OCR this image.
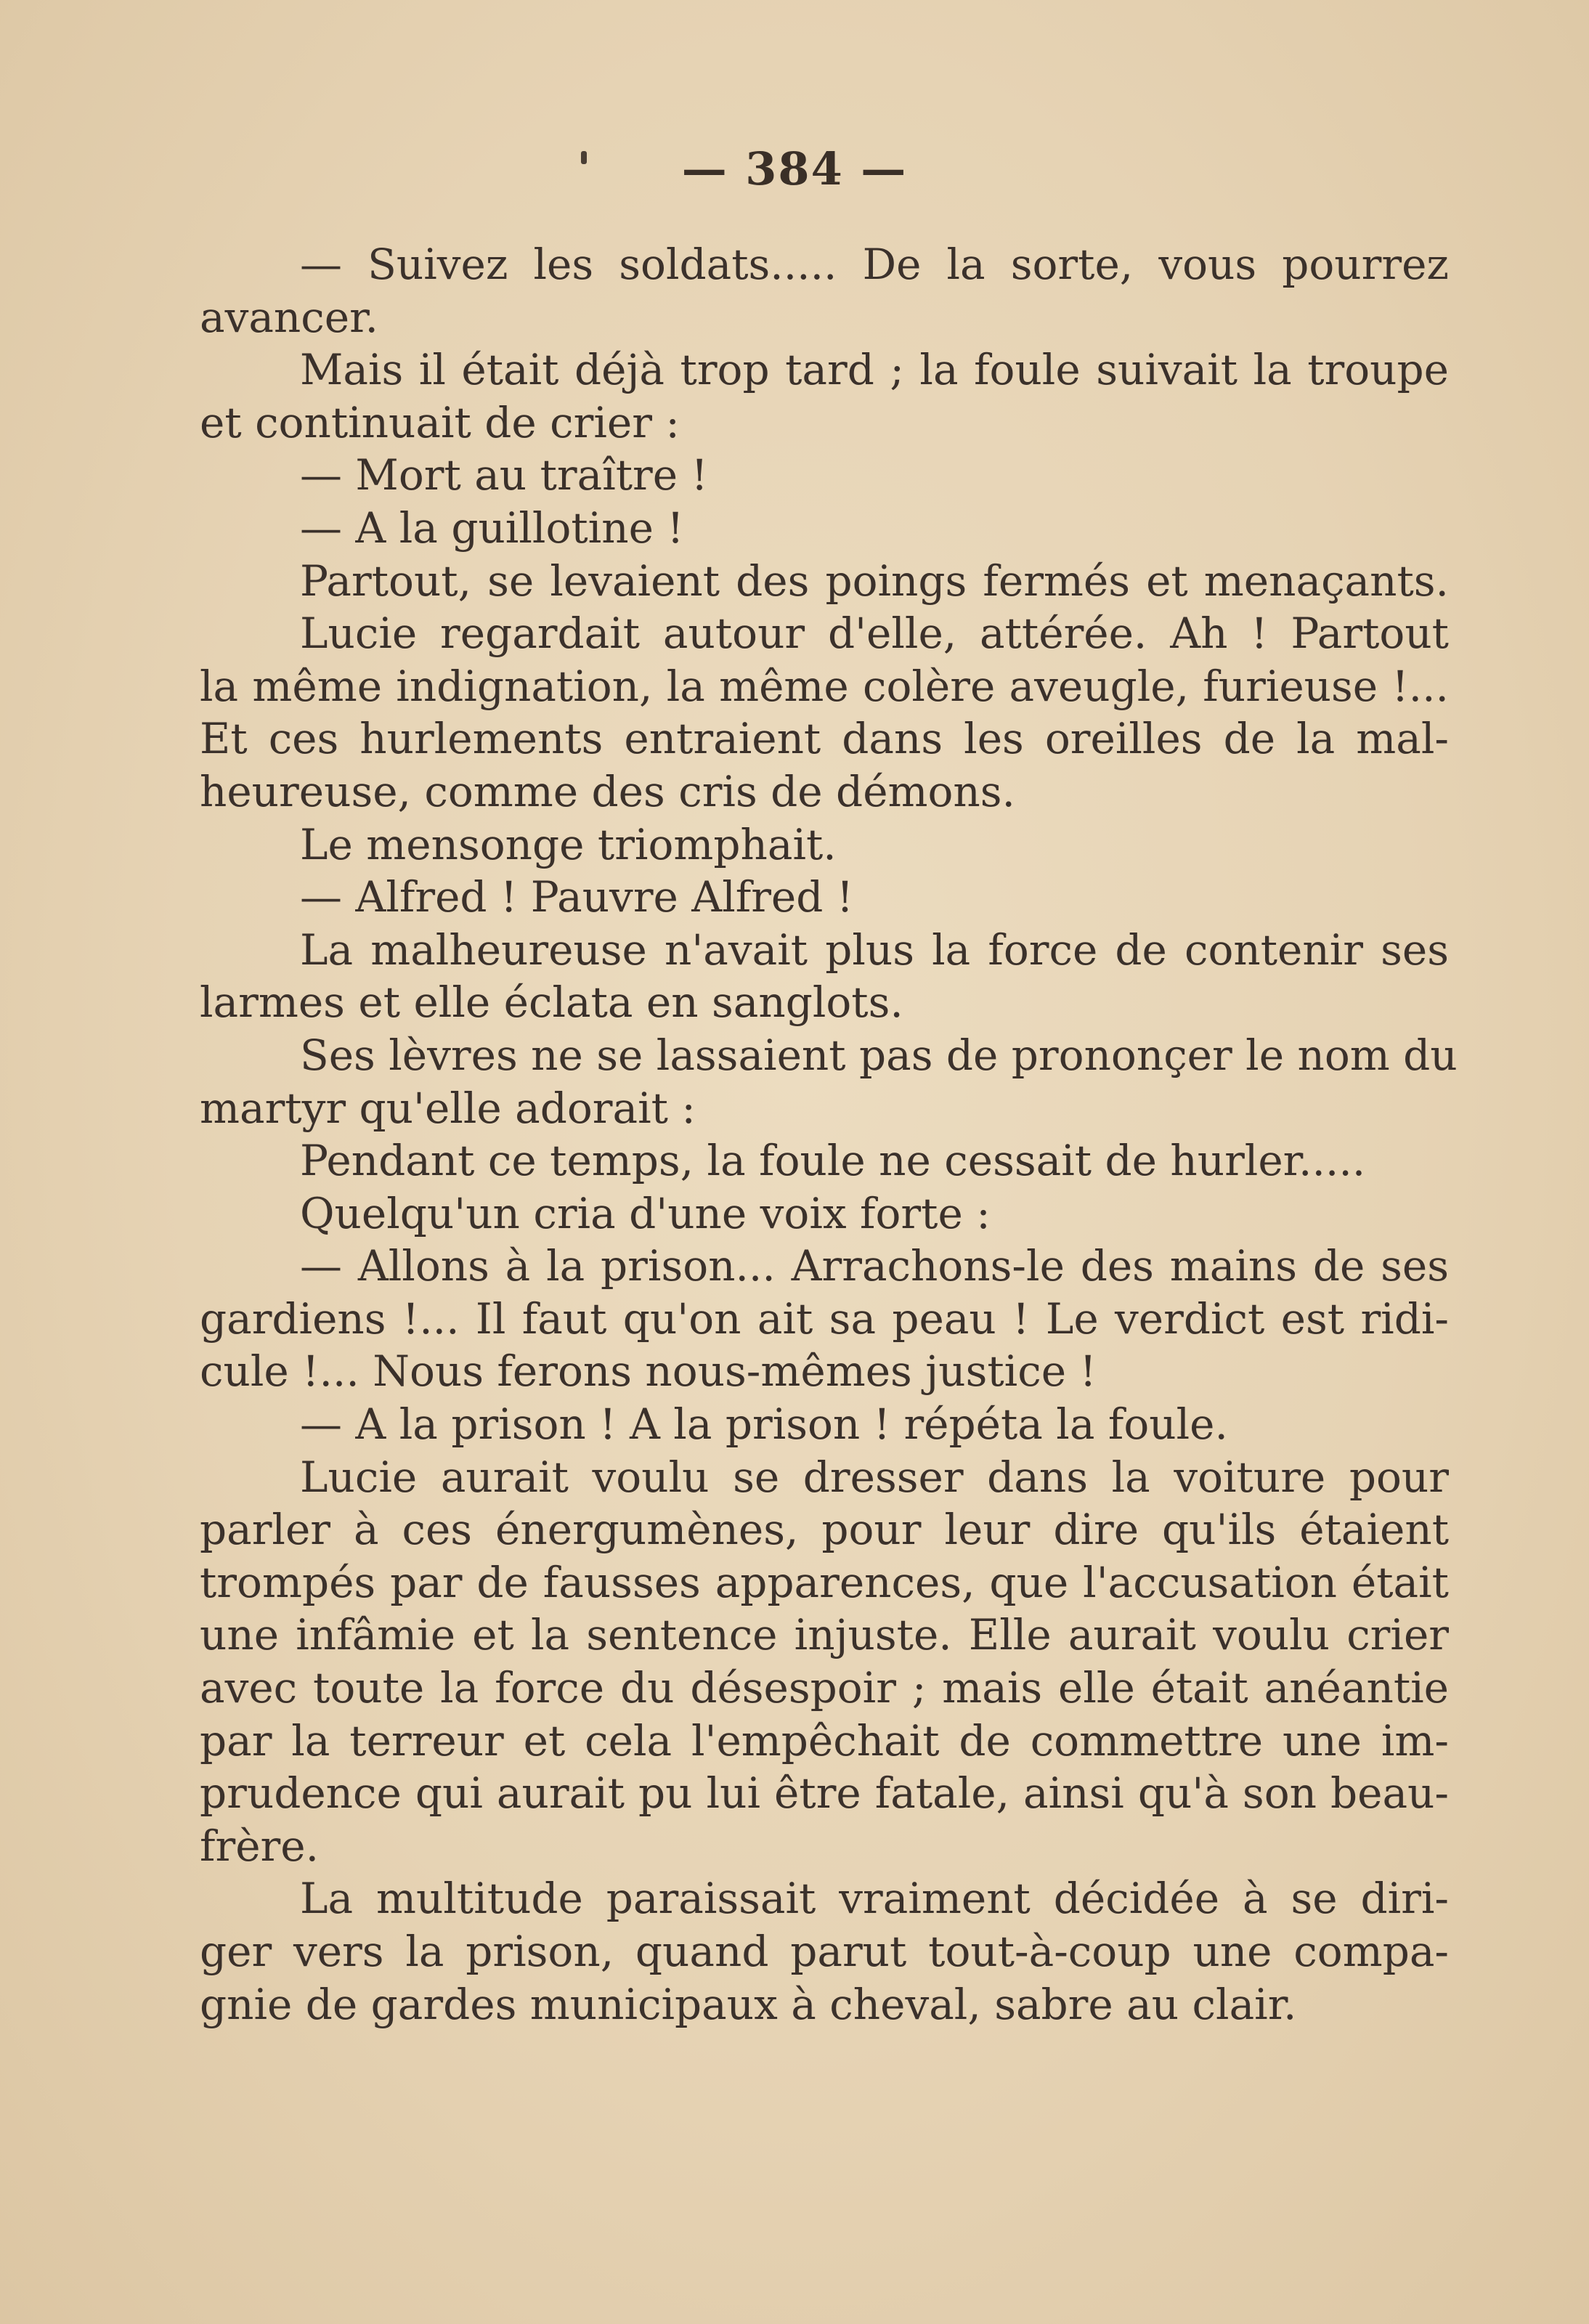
— 384 —
— Suivez les soldats..... De la sorte, vous pourrez
avancer.
Mais il était déjà trop tard ; la foule suivait la troupe
et continuait de crier :
— Mort au traître !
— A la guillotine !
Partout, se levaient des poings fermés et menaçants.
Lucie regardait autour d'elle, attérée. Ah ! Partout
la même indignation, la même colère aveugle, furieuse !...
Et ces hurlements entraient dans les oreilles de la mal-
heureuse, comme des cris de démons.
Le mensonge triomphait.
— Alfred ! Pauvre Alfred !
La malheureuse n'avait plus la force de contenir ses
larmes et elle éclata en sanglots.
Ses lèvres ne se lassaient pas de prononçer le nom du
martyr qu'elle adorait :
Pendant ce temps, la foule ne cessait de hurler.....
Quelqu'un cria d'une voix forte :
— Allons à la prison... Arrachons-le des mains de ses
gardiens !... Il faut qu'on ait sa peau ! Le verdict est ridi-
cule !... Nous ferons nous-mêmes justice !
— A la prison ! A la prison ! répéta la foule.
Lucie aurait voulu se dresser dans la voiture pour
parler à ces énergumènes, pour leur dire qu'ils étaient
trompés par de fausses apparences, que l'accusation était
une infâmie et la sentence injuste. Elle aurait voulu crier
avec toute la force du désespoir ; mais elle était anéantie
par la terreur et cela l'empêchait de commettre une im-
prudence qui aurait pu lui être fatale, ainsi qu'à son beau-
frère.
La multitude paraissait vraiment décidée à se diri-
ger vers la prison, quand parut tout-à-coup une compa-
gnie de gardes municipaux à cheval, sabre au clair.
